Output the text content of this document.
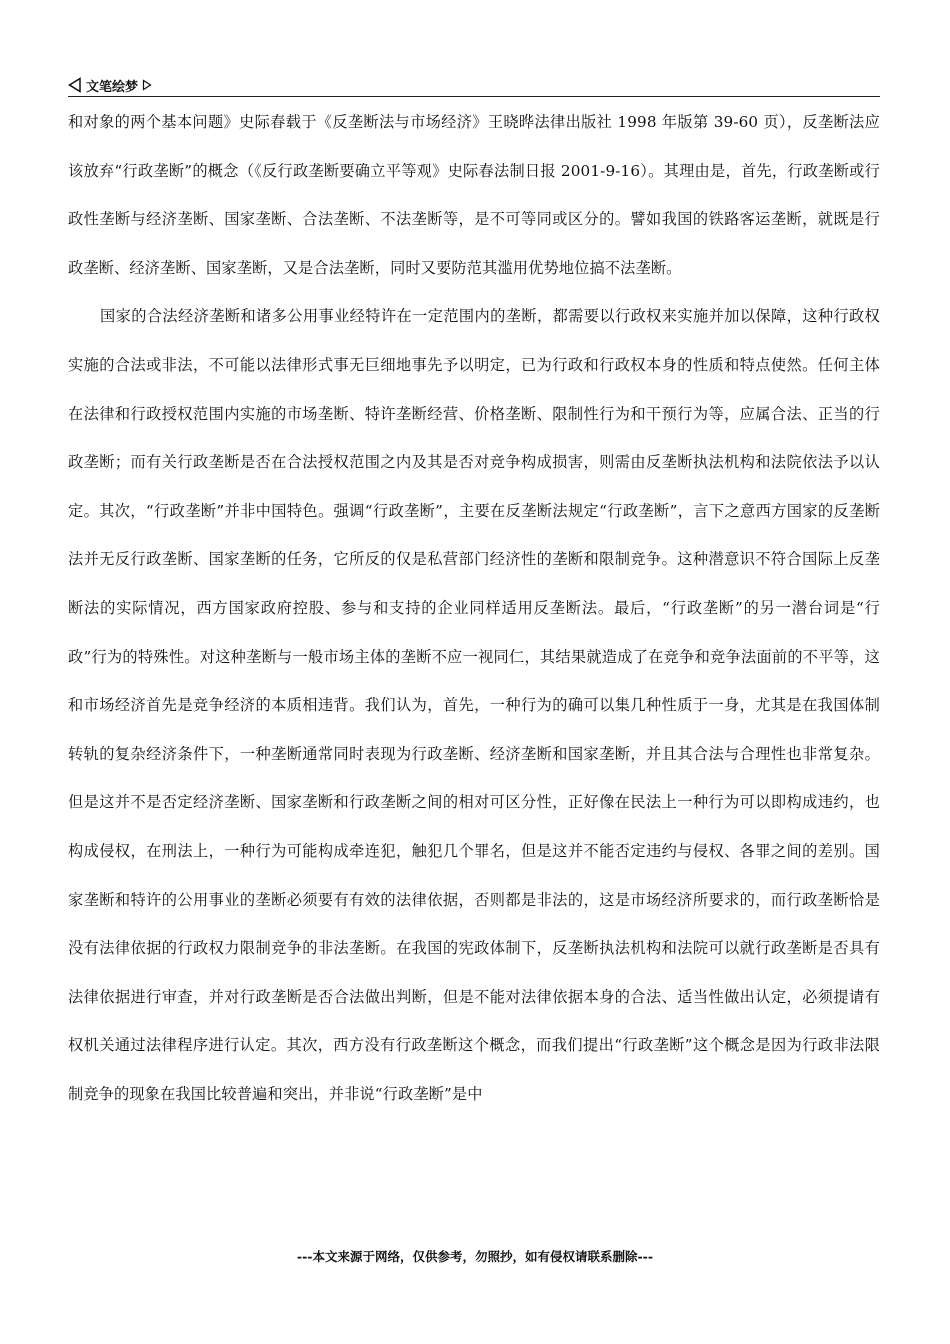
文笔绘梦

和对象的两个基本问题》史际春载于《反垄断法与市场经济》王晓晔法律出版社 1998 年版第 39-60 页），反垄断法应该放弃“行政垄断”的概念（《反行政垄断要确立平等观》史际春法制日报 2001-9-16）。其理由是，首先，行政垄断或行政性垄断与经济垄断、国家垄断、合法垄断、不法垄断等，是不可等同或区分的。譬如我国的铁路客运垄断，就既是行政垄断、经济垄断、国家垄断，又是合法垄断，同时又要防范其滥用优势地位搞不法垄断。

国家的合法经济垄断和诸多公用事业经特许在一定范围内的垄断，都需要以行政权来实施并加以保障，这种行政权实施的合法或非法，不可能以法律形式事无巨细地事先予以明定，已为行政和行政权本身的性质和特点使然。任何主体在法律和行政授权范围内实施的市场垄断、特许垄断经营、价格垄断、限制性行为和干预行为等，应属合法、正当的行政垄断；而有关行政垄断是否在合法授权范围之内及其是否对竞争构成损害，则需由反垄断执法机构和法院依法予以认定。其次，“行政垄断”并非中国特色。强调“行政垄断”，主要在反垄断法规定“行政垄断”，言下之意西方国家的反垄断法并无反行政垄断、国家垄断的任务，它所反的仅是私营部门经济性的垄断和限制竞争。这种潜意识不符合国际上反垄断法的实际情况，西方国家政府控股、参与和支持的企业同样适用反垄断法。最后，“行政垄断”的另一潜台词是“行政”行为的特殊性。对这种垄断与一般市场主体的垄断不应一视同仁，其结果就造成了在竞争和竞争法面前的不平等，这和市场经济首先是竞争经济的本质相违背。我们认为，首先，一种行为的确可以集几种性质于一身，尤其是在我国体制转轨的复杂经济条件下，一种垄断通常同时表现为行政垄断、经济垄断和国家垄断，并且其合法与合理性也非常复杂。但是这并不是否定经济垄断、国家垄断和行政垄断之间的相对可区分性，正好像在民法上一种行为可以即构成违约，也构成侵权，在刑法上，一种行为可能构成牵连犯，触犯几个罪名，但是这并不能否定违约与侵权、各罪之间的差别。国家垄断和特许的公用事业的垄断必须要有有效的法律依据，否则都是非法的，这是市场经济所要求的，而行政垄断恰是没有法律依据的行政权力限制竞争的非法垄断。在我国的宪政体制下，反垄断执法机构和法院可以就行政垄断是否具有法律依据进行审查，并对行政垄断是否合法做出判断，但是不能对法律依据本身的合法、适当性做出认定，必须提请有权机关通过法律程序进行认定。其次，西方没有行政垄断这个概念，而我们提出“行政垄断”这个概念是因为行政非法限制竞争的现象在我国比较普遍和突出，并非说“行政垄断”是中

---本文来源于网络，仅供参考，勿照抄，如有侵权请联系删除---
